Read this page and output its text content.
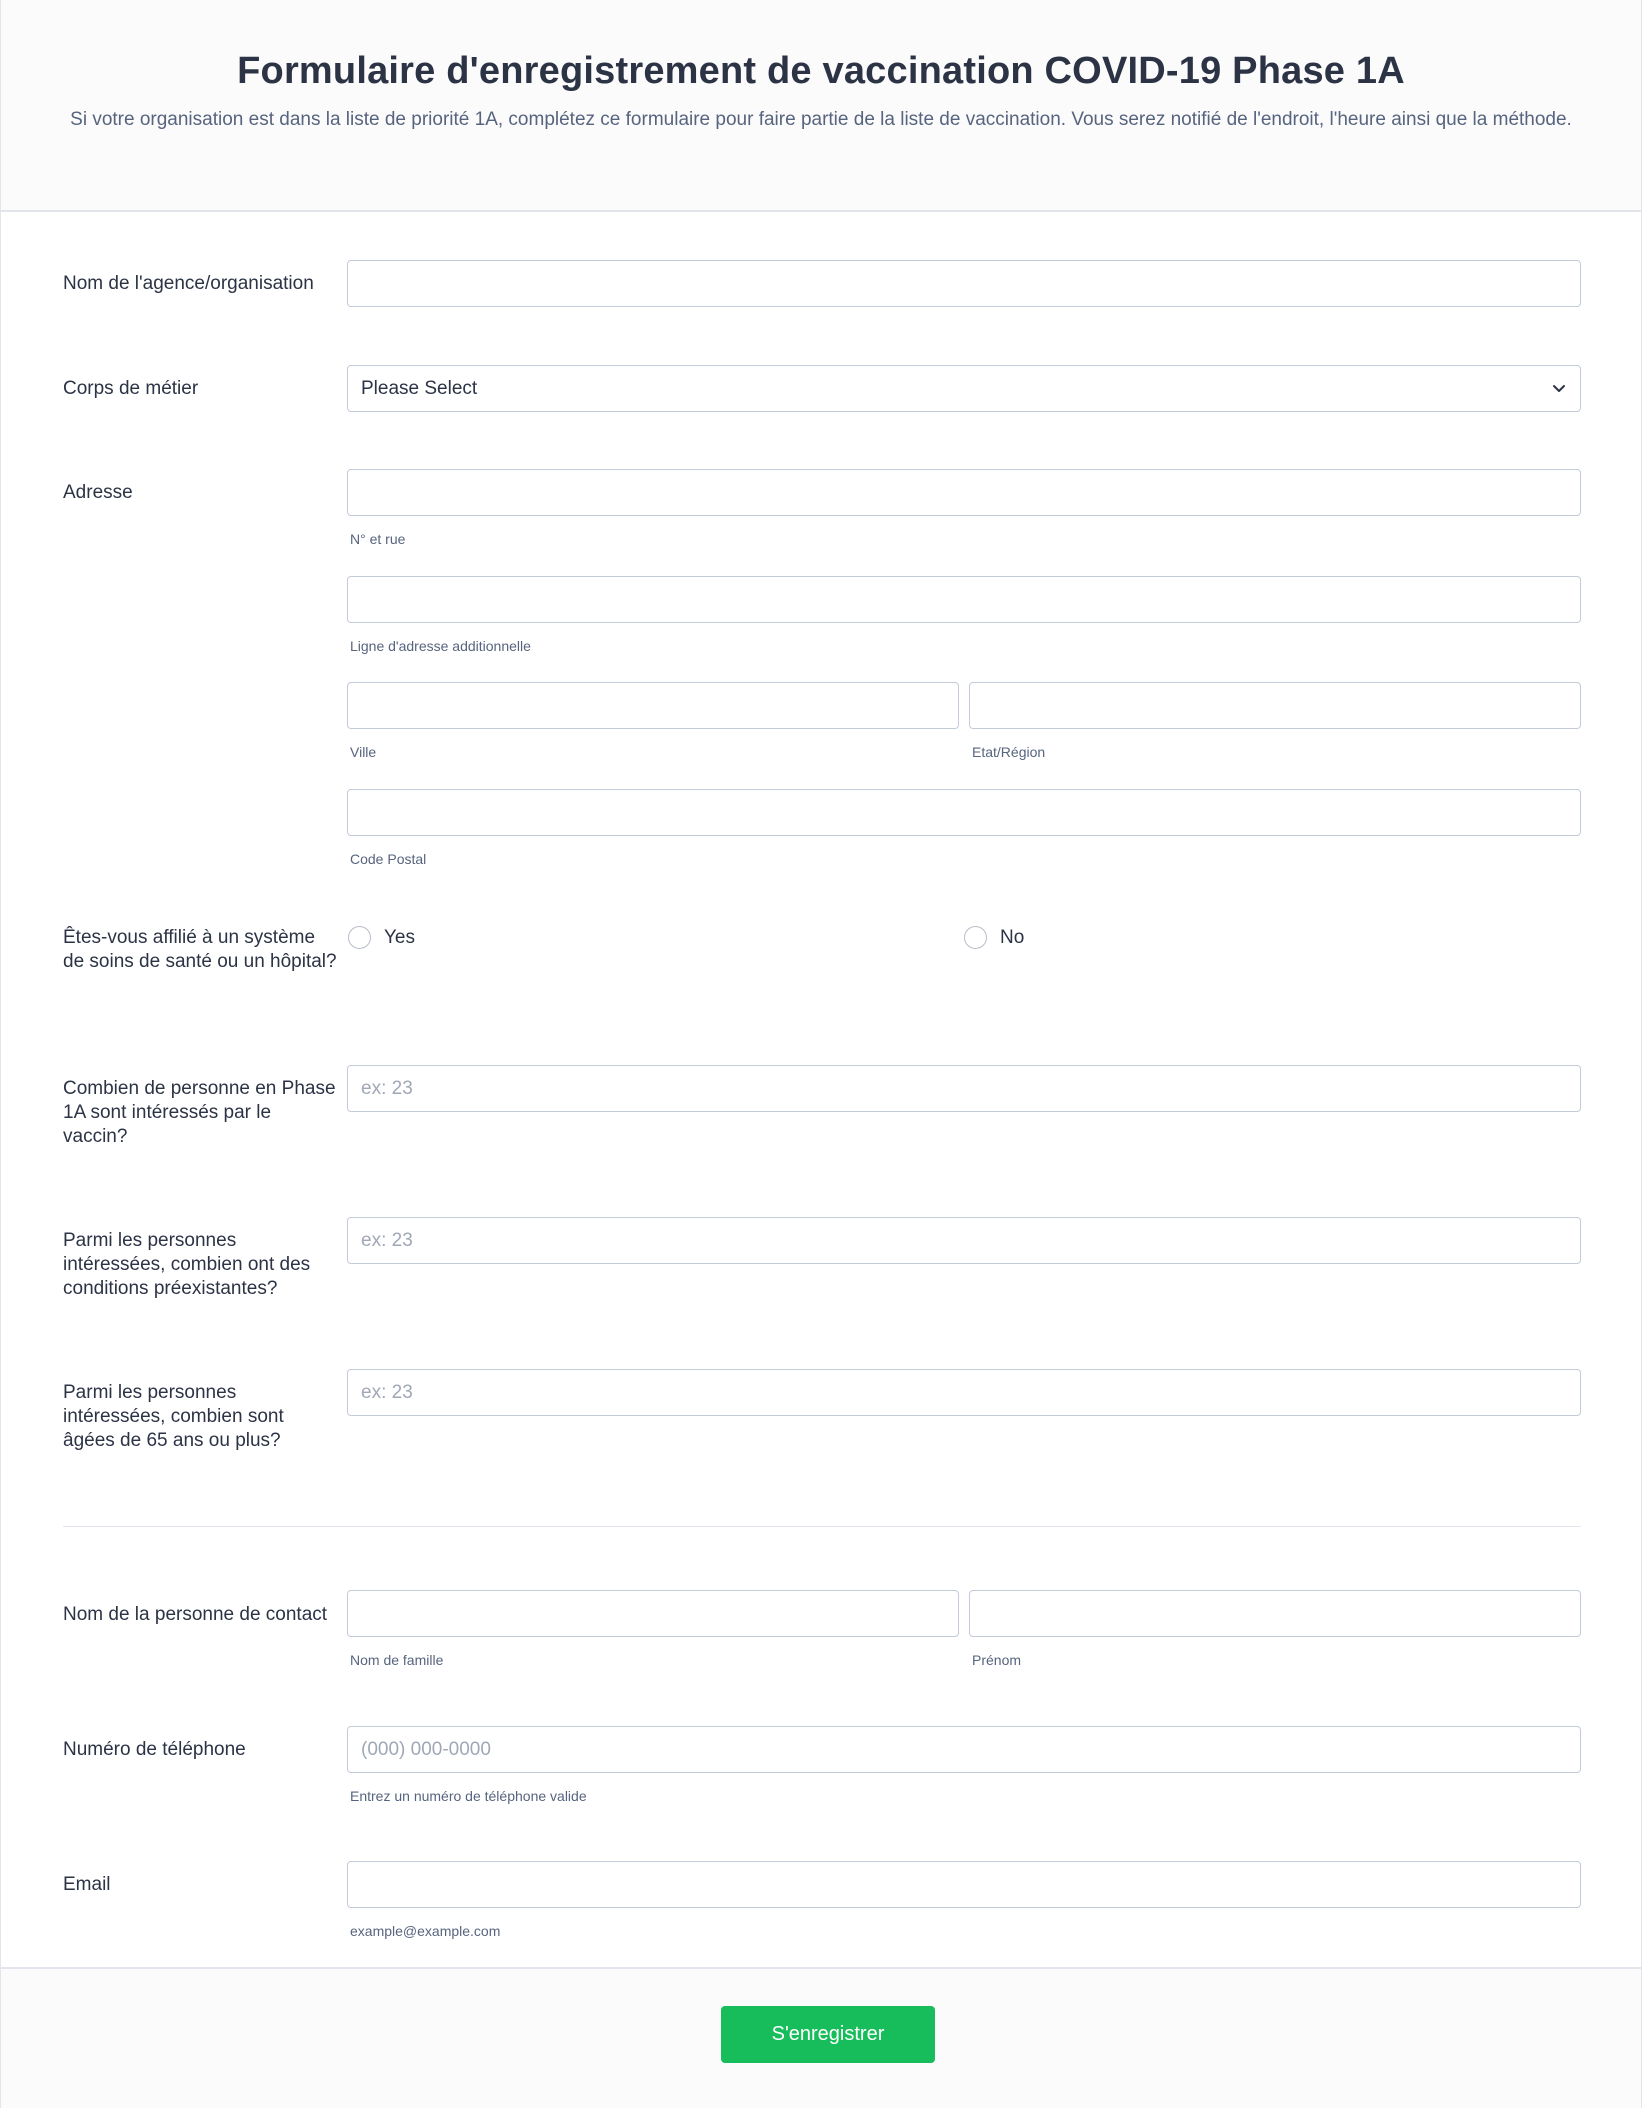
Formulaire d'enregistrement de vaccination COVID-19 Phase 1A

Si votre organisation est dans la liste de priorité 1A, complétez ce formulaire pour faire partie de la liste de vaccination. Vous serez notifié de l'endroit, l'heure ainsi que la méthode.

Nom de l'agence/organisation
Corps de métier	Please Select
Adresse
N° et rue
Ligne d'adresse additionnelle
Ville	Etat/Région
Code Postal
Êtes-vous affilié à un système de soins de santé ou un hôpital?
Yes	No
Combien de personne en Phase 1A sont intéressés par le vaccin?
ex: 23
Parmi les personnes intéressées, combien ont des conditions préexistantes?
ex: 23
Parmi les personnes intéressées, combien sont âgées de 65 ans ou plus?
ex: 23
Nom de la personne de contact
Nom de famille	Prénom
Numéro de téléphone
(000) 000-0000
Entrez un numéro de téléphone valide
Email
example@example.com
S'enregistrer
